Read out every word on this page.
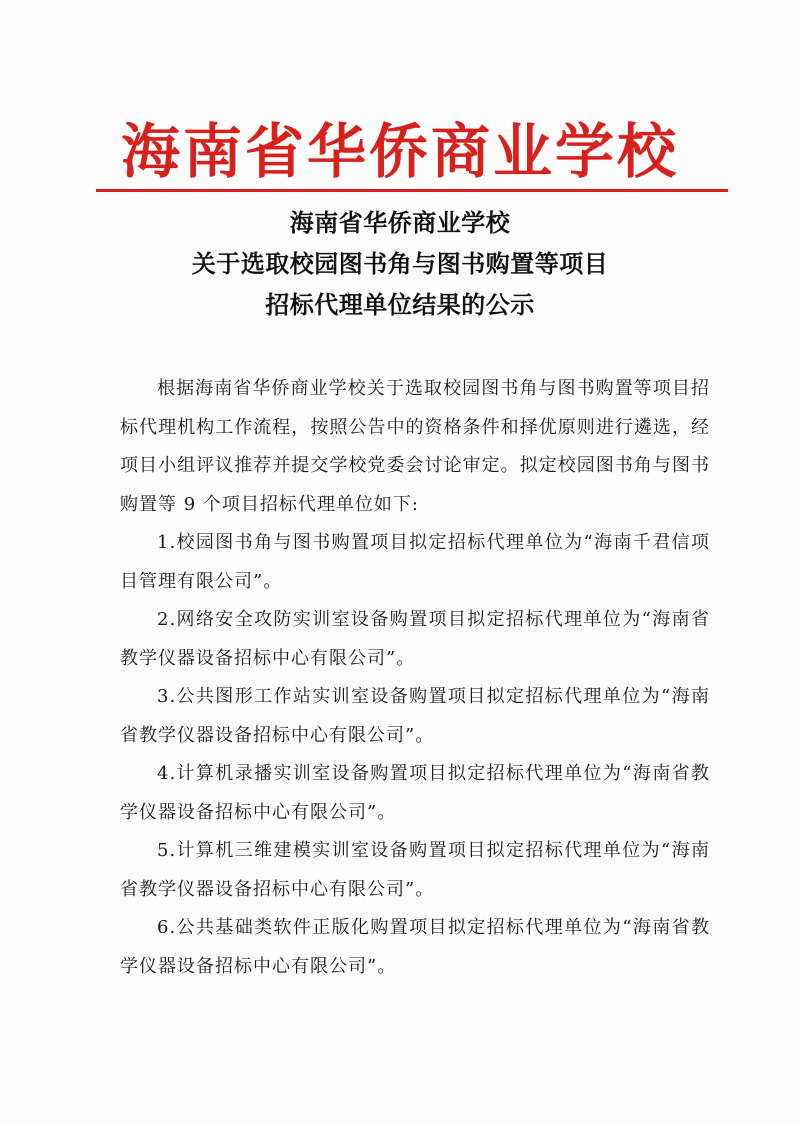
海南省华侨商业学校
海南省华侨商业学校
关于选取校园图书角与图书购置等项目
招标代理单位结果的公示

根据海南省华侨商业学校关于选取校园图书角与图书购置等项目招标代理机构工作流程，按照公告中的资格条件和择优原则进行遴选，经项目小组评议推荐并提交学校党委会讨论审定。拟定校园图书角与图书购置等 9 个项目招标代理单位如下:

1.校园图书角与图书购置项目拟定招标代理单位为“海南千君信项目管理有限公司”。

2.网络安全攻防实训室设备购置项目拟定招标代理单位为“海南省教学仪器设备招标中心有限公司”。

3.公共图形工作站实训室设备购置项目拟定招标代理单位为“海南省教学仪器设备招标中心有限公司”。

4.计算机录播实训室设备购置项目拟定招标代理单位为“海南省教学仪器设备招标中心有限公司”。

5.计算机三维建模实训室设备购置项目拟定招标代理单位为“海南省教学仪器设备招标中心有限公司”。

6.公共基础类软件正版化购置项目拟定招标代理单位为“海南省教学仪器设备招标中心有限公司”。
